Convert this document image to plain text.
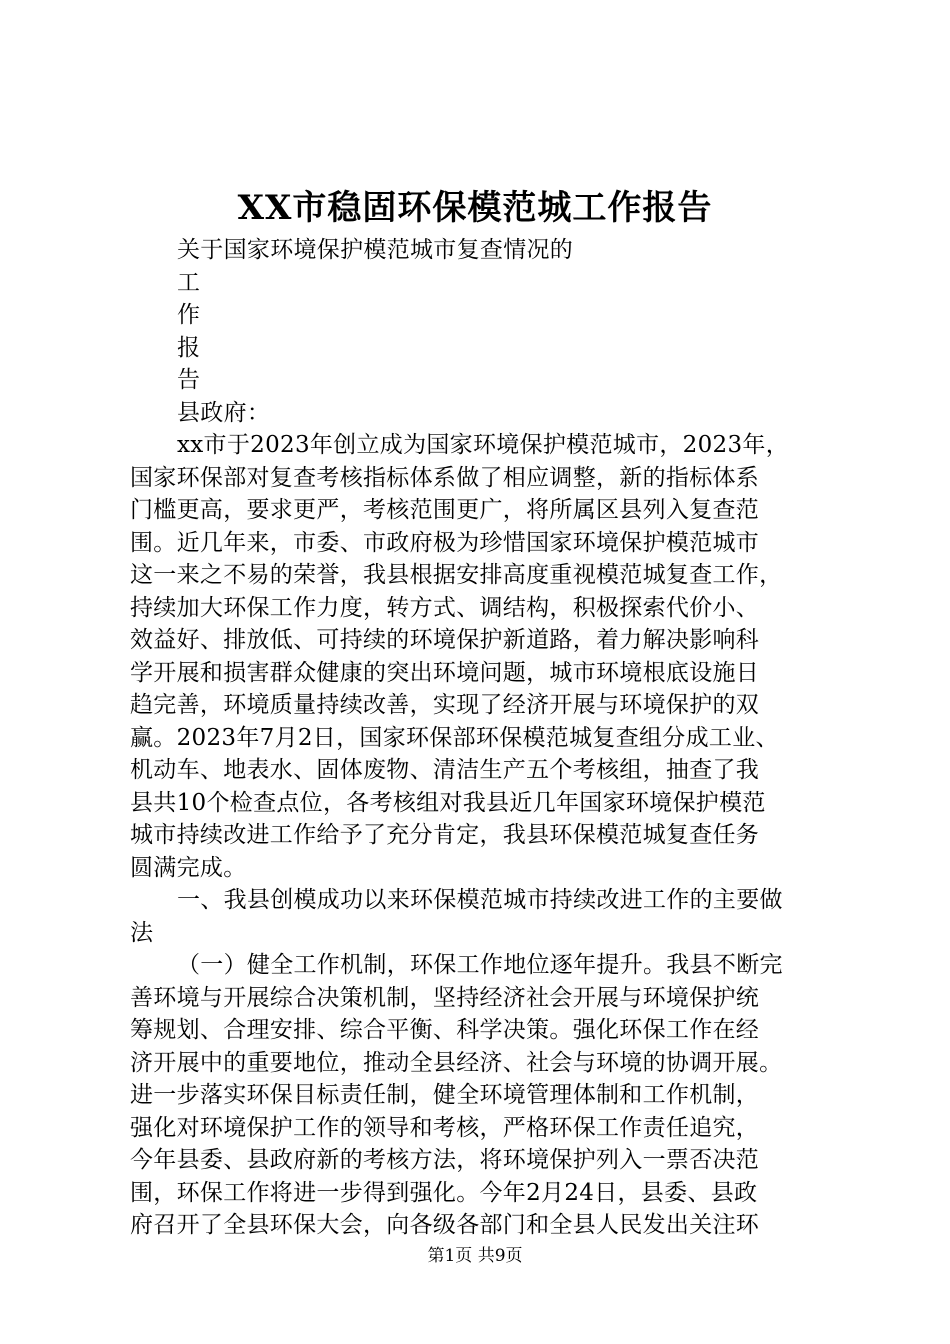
XX市稳固环保模范城工作报告

关于国家环境保护模范城市复查情况的

工

作

报

告

县政府：

xx市于2023年创立成为国家环境保护模范城市，2023年，

国家环保部对复查考核指标体系做了相应调整，新的指标体系

门槛更高，要求更严，考核范围更广，将所属区县列入复查范

围。近几年来，市委、市政府极为珍惜国家环境保护模范城市

这一来之不易的荣誉，我县根据安排高度重视模范城复查工作，

持续加大环保工作力度，转方式、调结构，积极探索代价小、

效益好、排放低、可持续的环境保护新道路，着力解决影响科

学开展和损害群众健康的突出环境问题，城市环境根底设施日

趋完善，环境质量持续改善，实现了经济开展与环境保护的双

赢。2023年7月2日，国家环保部环保模范城复查组分成工业、

机动车、地表水、固体废物、清洁生产五个考核组，抽查了我

县共10个检查点位，各考核组对我县近几年国家环境保护模范

城市持续改进工作给予了充分肯定，我县环保模范城复查任务

圆满完成。

一、我县创模成功以来环保模范城市持续改进工作的主要做

法

（一）健全工作机制，环保工作地位逐年提升。我县不断完

善环境与开展综合决策机制，坚持经济社会开展与环境保护统

筹规划、合理安排、综合平衡、科学决策。强化环保工作在经

济开展中的重要地位，推动全县经济、社会与环境的协调开展。

进一步落实环保目标责任制，健全环境管理体制和工作机制，

强化对环境保护工作的领导和考核，严格环保工作责任追究，

今年县委、县政府新的考核方法，将环境保护列入一票否决范

围，环保工作将进一步得到强化。今年2月24日，县委、县政

府召开了全县环保大会，向各级各部门和全县人民发出关注环

第1页 共9页
